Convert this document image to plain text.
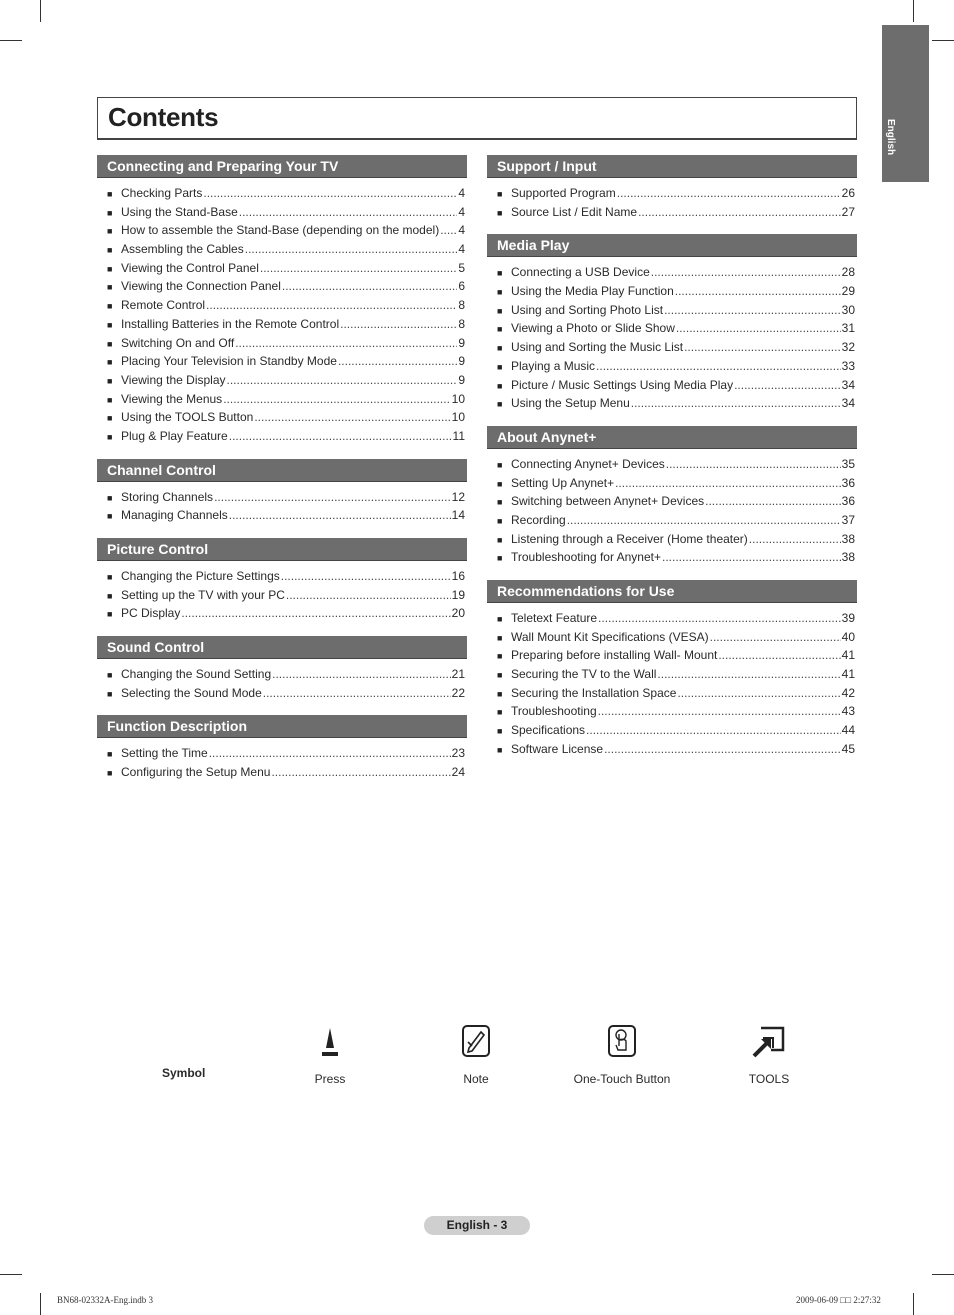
English
Contents
Connecting and Preparing Your TV
■ Checking Parts .....	4
■ Using the Stand-Base .....	4
■ How to assemble the Stand-Base (depending on the model) ..... 4
■ Assembling the Cables .....	4
■ Viewing the Control Panel .....	5
■ Viewing the Connection Panel .....	6
■ Remote Control .....	8
■ Installing Batteries in the Remote Control .....	8
■ Switching On and Off .....	9
■ Placing Your Television in Standby Mode .....	9
■ Viewing the Display .....	9
■ Viewing the Menus .....	10
■ Using the TOOLS Button .....	10
■ Plug & Play Feature .....	11
Channel Control
■ Storing Channels .....	12
■ Managing Channels .....	14
Picture Control
■ Changing the Picture Settings .....	16
■ Setting up the TV with your PC .....	19
■ PC Display .....	20
Sound Control
■ Changing the Sound Setting .....	21
■ Selecting the Sound Mode .....	22
Function Description
■ Setting the Time .....	23
■ Configuring the Setup Menu .....	24
Support / Input
■ Supported Program .....	26
■ Source List / Edit Name .....	27
Media Play
■ Connecting a USB Device .....	28
■ Using the Media Play Function .....	29
■ Using and Sorting Photo List .....	30
■ Viewing a Photo or Slide Show .....	31
■ Using and Sorting the Music List .....	32
■ Playing a Music .....	33
■ Picture / Music Settings Using Media Play .....	34
■ Using the Setup Menu .....	34
About Anynet+
■ Connecting Anynet+ Devices .....	35
■ Setting Up Anynet+ .....	36
■ Switching between Anynet+ Devices .....	36
■ Recording .....	37
■ Listening through a Receiver (Home theater) .....	38
■ Troubleshooting for Anynet+ .....	38
Recommendations for Use
■ Teletext Feature .....	39
■ Wall Mount Kit Specifications (VESA) .....	40
■ Preparing before installing Wall- Mount .....	41
■ Securing the TV to the Wall .....	41
■ Securing the Installation Space .....	42
■ Troubleshooting .....	43
■ Specifications .....	44
■ Software License .....	45
Symbol	Press	Note	One-Touch Button	TOOLS
English - 3
BN68-02332A-Eng.indb 3	2009-06-09 □□ 2:27:32
